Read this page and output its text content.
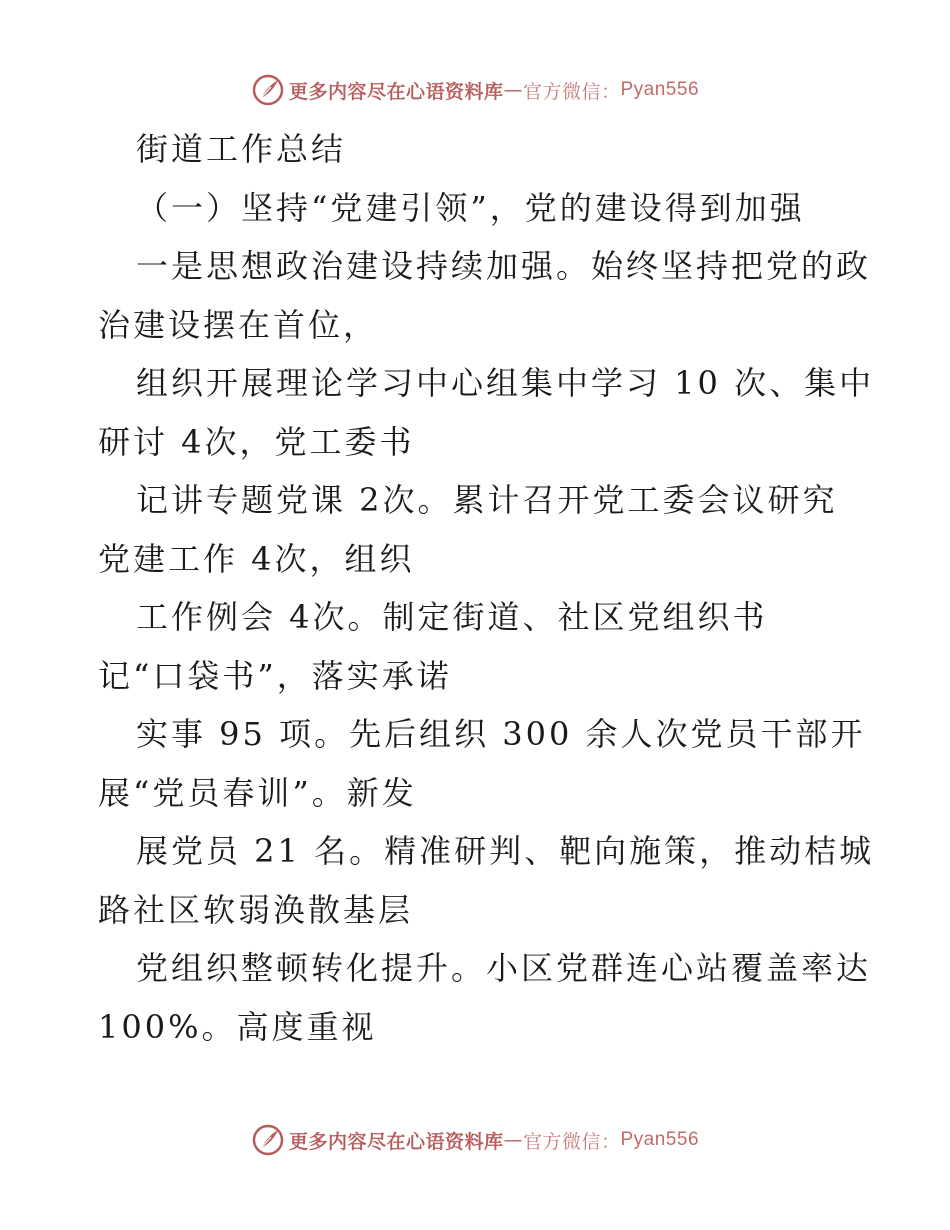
更多内容尽在心语资料库 — 官方微信： Pyan556
街道工作总结
（一）坚持“党建引领”，党的建设得到加强
一是思想政治建设持续加强。始终坚持把党的政
治建设摆在首位，
组织开展理论学习中心组集中学习 10 次、集中
研讨 4次，党工委书
记讲专题党课 2次。累计召开党工委会议研究
党建工作 4次，组织
工作例会 4次。制定街道、社区党组织书
记“口袋书”，落实承诺
实事 95 项。先后组织 300 余人次党员干部开
展“党员春训”。新发
展党员 21 名。精准研判、靶向施策，推动桔城
路社区软弱涣散基层
党组织整顿转化提升。小区党群连心站覆盖率达
100%。高度重视
更多内容尽在心语资料库 — 官方微信： Pyan556
